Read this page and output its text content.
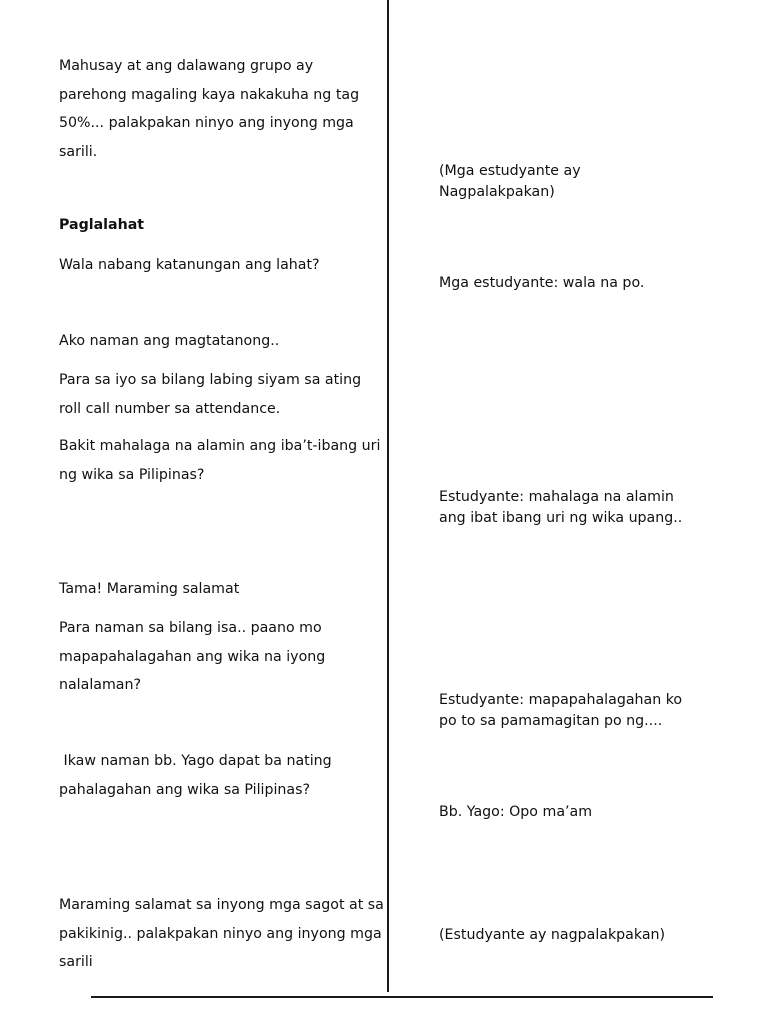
Mahusay at ang dalawang grupo ay
parehong magaling kaya nakakuha ng tag
50%... palakpakan ninyo ang inyong mga
sarili.

Paglalahat

Wala nabang katanungan ang lahat?

Ako naman ang magtatanong..

Para sa iyo sa bilang labing siyam sa ating
roll call number sa attendance.

Bakit mahalaga na alamin ang iba’t-ibang uri
ng wika sa Pilipinas?

Tama! Maraming salamat

Para naman sa bilang isa.. paano mo
mapapahalagahan ang wika na iyong
nalalaman?

Ikaw naman bb. Yago dapat ba nating
pahalagahan ang wika sa Pilipinas?

Maraming salamat sa inyong mga sagot at sa
pakikinig.. palakpakan ninyo ang inyong mga
sarili

(Mga estudyante ay
Nagpalakpakan)

Mga estudyante: wala na po.

Estudyante: mahalaga na alamin
ang ibat ibang uri ng wika upang..

Estudyante: mapapahalagahan ko
po to sa pamamagitan po ng....

Bb. Yago: Opo ma’am

(Estudyante ay nagpalakpakan)
